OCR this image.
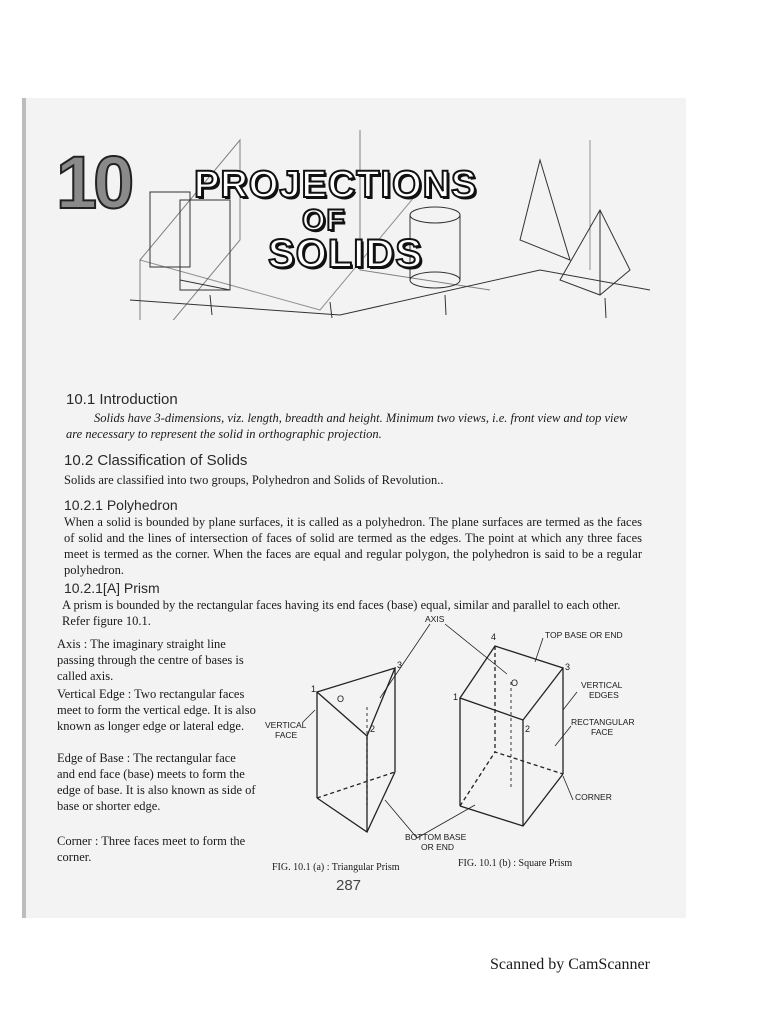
10 PROJECTIONS
OF
SOLIDS
10.1 Introduction

Solids have 3-dimensions, viz. length, breadth and height. Minimum two views, i.e. front view and top view are necessary to represent the solid in orthographic projection.

10.2 Classification of Solids

Solids are classified into two groups, Polyhedron and Solids of Revolution..

10.2.1 Polyhedron

When a solid is bounded by plane surfaces, it is called as a polyhedron. The plane surfaces are termed as the faces of solid and the lines of intersection of faces of solid are termed as the edges. The point at which any three faces meet is termed as the corner. When the faces are equal and regular polygon, the polyhedron is said to be a regular polyhedron.

10.2.1[A] Prism

A prism is bounded by the rectangular faces having its end faces (base) equal, similar and parallel to each other. Refer figure 10.1.

Axis : The imaginary straight line passing through the centre of bases is called axis.

Vertical Edge : Two rectangular faces meet to form the vertical edge. It is also known as longer edge or lateral edge.

Edge of Base : The rectangular face and end face (base) meets to form the edge of base. It is also known as side of base or shorter edge.

Corner : Three faces meet to form the corner.

AXIS
TOP BASE OR END
VERTICAL
EDGES
RECTANGULAR
FACE
VERTICAL
FACE
CORNER
BOTTOM BASE
OR END
O
O
1
2
3
1
2
3
4
FIG. 10.1 (a) : Triangular Prism	FIG. 10.1 (b) : Square Prism
287
Scanned by CamScanner
